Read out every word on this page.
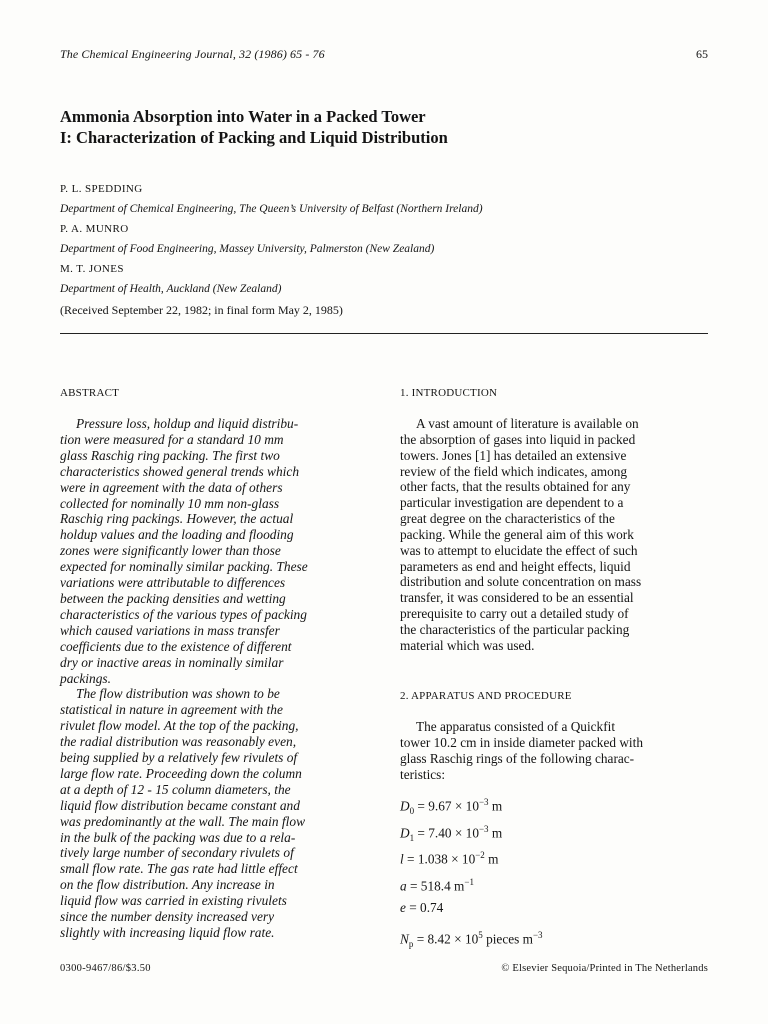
The Chemical Engineering Journal, 32 (1986) 65 - 76	65
Ammonia Absorption into Water in a Packed Tower
I: Characterization of Packing and Liquid Distribution
P. L. SPEDDING
Department of Chemical Engineering, The Queen’s University of Belfast (Northern Ireland)
P. A. MUNRO
Department of Food Engineering, Massey University, Palmerston (New Zealand)
M. T. JONES
Department of Health, Auckland (New Zealand)
(Received September 22, 1982; in final form May 2, 1985)
ABSTRACT
Pressure loss, holdup and liquid distribu-
tion were measured for a standard 10 mm
glass Raschig ring packing. The first two
characteristics showed general trends which
were in agreement with the data of others
collected for nominally 10 mm non-glass
Raschig ring packings. However, the actual
holdup values and the loading and flooding
zones were significantly lower than those
expected for nominally similar packing. These
variations were attributable to differences
between the packing densities and wetting
characteristics of the various types of packing
which caused variations in mass transfer
coefficients due to the existence of different
dry or inactive areas in nominally similar
packings.
The flow distribution was shown to be
statistical in nature in agreement with the
rivulet flow model. At the top of the packing,
the radial distribution was reasonably even,
being supplied by a relatively few rivulets of
large flow rate. Proceeding down the column
at a depth of 12 - 15 column diameters, the
liquid flow distribution became constant and
was predominantly at the wall. The main flow
in the bulk of the packing was due to a rela-
tively large number of secondary rivulets of
small flow rate. The gas rate had little effect
on the flow distribution. Any increase in
liquid flow was carried in existing rivulets
since the number density increased very
slightly with increasing liquid flow rate.
1. INTRODUCTION
A vast amount of literature is available on
the absorption of gases into liquid in packed
towers. Jones [1] has detailed an extensive
review of the field which indicates, among
other facts, that the results obtained for any
particular investigation are dependent to a
great degree on the characteristics of the
packing. While the general aim of this work
was to attempt to elucidate the effect of such
parameters as end and height effects, liquid
distribution and solute concentration on mass
transfer, it was considered to be an essential
prerequisite to carry out a detailed study of
the characteristics of the particular packing
material which was used.
2. APPARATUS AND PROCEDURE
The apparatus consisted of a Quickfit
tower 10.2 cm in inside diameter packed with
glass Raschig rings of the following charac-
teristics:
$D_0 = 9.67 \times 10^{-3}$ m
$D_1 = 7.40 \times 10^{-3}$ m
$l = 1.038 \times 10^{-2}$ m
a = 518.4 $m^{-1}$
e = 0.74
$N_p = 8.42 \times 10^5$ pieces $m^{-3}$
0300-9467/86/$3.50	© Elsevier Sequoia/Printed in The Netherlands
